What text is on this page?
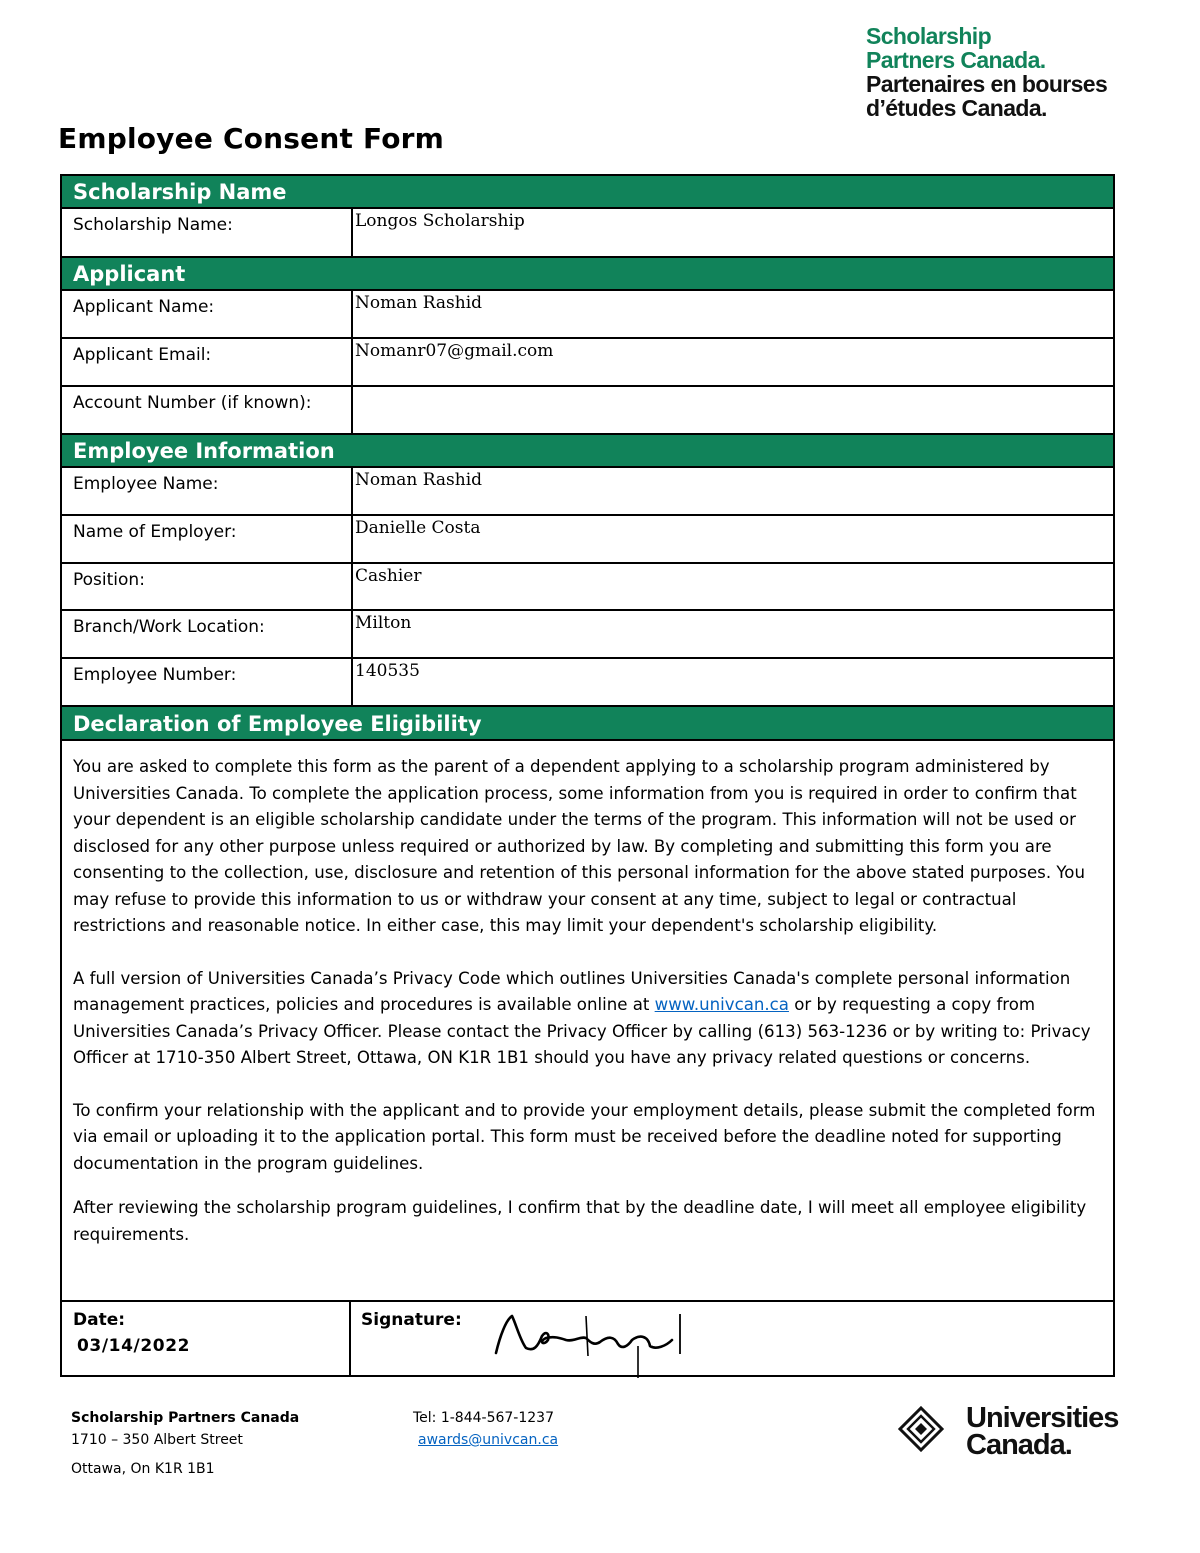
Scholarship
Partners Canada.
Partenaires en bourses
d’études Canada.
Employee Consent Form
Scholarship Name
Scholarship Name:	Longos Scholarship
Applicant
Applicant Name:	Noman Rashid
Applicant Email:	Nomanr07@gmail.com
Account Number (if known):
Employee Information
Employee Name:	Noman Rashid
Name of Employer:	Danielle Costa
Position:	Cashier
Branch/Work Location:	Milton
Employee Number:	140535
Declaration of Employee Eligibility

You are asked to complete this form as the parent of a dependent applying to a scholarship program administered by Universities Canada. To complete the application process, some information from you is required in order to confirm that your dependent is an eligible scholarship candidate under the terms of the program. This information will not be used or disclosed for any other purpose unless required or authorized by law. By completing and submitting this form you are consenting to the collection, use, disclosure and retention of this personal information for the above stated purposes. You may refuse to provide this information to us or withdraw your consent at any time, subject to legal or contractual restrictions and reasonable notice. In either case, this may limit your dependent's scholarship eligibility.

A full version of Universities Canada’s Privacy Code which outlines Universities Canada's complete personal information management practices, policies and procedures is available online at www.univcan.ca or by requesting a copy from Universities Canada’s Privacy Officer. Please contact the Privacy Officer by calling (613) 563-1236 or by writing to: Privacy Officer at 1710-350 Albert Street, Ottawa, ON K1R 1B1 should you have any privacy related questions or concerns.

To confirm your relationship with the applicant and to provide your employment details, please submit the completed form via email or uploading it to the application portal. This form must be received before the deadline noted for supporting documentation in the program guidelines.

After reviewing the scholarship program guidelines, I confirm that by the deadline date, I will meet all employee eligibility requirements.

Date:
03/14/2022
Signature:
Scholarship Partners Canada
1710 – 350 Albert Street
Ottawa, On K1R 1B1
Tel: 1-844-567-1237
awards@univcan.ca
Universities
Canada.
